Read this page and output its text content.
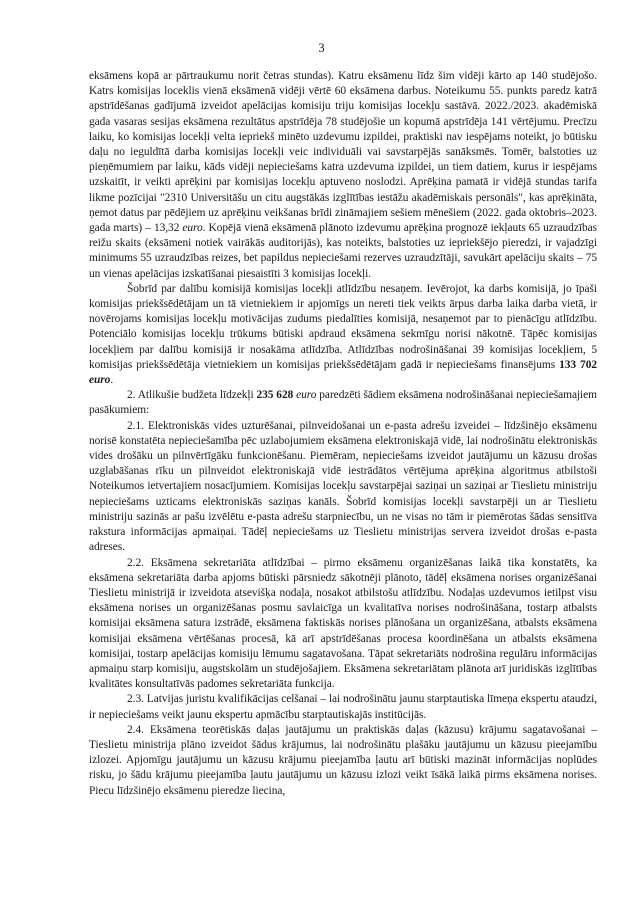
3

eksāmens kopā ar pārtraukumu norit četras stundas). Katru eksāmenu līdz šim vidēji kārto ap 140 studējošo. Katrs komisijas loceklis vienā eksāmenā vidēji vērtē 60 eksāmena darbus. Noteikumu 55. punkts paredz katrā apstrīdēšanas gadījumā izveidot apelācijas komisiju triju komisijas locekļu sastāvā. 2022./2023. akadēmiskā gada vasaras sesijas eksāmena rezultātus apstrīdēja 78 studējošie un kopumā apstrīdēja 141 vērtējumu. Precīzu laiku, ko komisijas locekļi velta iepriekš minēto uzdevumu izpildei, praktiski nav iespējams noteikt, jo būtisku daļu no ieguldītā darba komisijas locekļi veic individuāli vai savstarpējās sanāksmēs. Tomēr, balstoties uz pieņēmumiem par laiku, kāds vidēji nepieciešams katra uzdevuma izpildei, un tiem datiem, kurus ir iespējams uzskaitīt, ir veikti aprēķini par komisijas locekļu aptuveno noslodzi. Aprēķina pamatā ir vidējā stundas tarifa likme pozīcijai "2310 Universitāšu un citu augstākās izglītības iestāžu akadēmiskais personāls", kas aprēķināta, ņemot datus par pēdējiem uz aprēķinu veikšanas brīdi zināmajiem sešiem mēnešiem (2022. gada oktobris–2023. gada marts) – 13,32 euro. Kopējā vienā eksāmenā plānoto izdevumu aprēķina prognozē iekļauts 65 uzraudzības reižu skaits (eksāmeni notiek vairākās auditorijās), kas noteikts, balstoties uz iepriekšējo pieredzi, ir vajadzīgi minimums 55 uzraudzības reizes, bet papildus nepieciešami rezerves uzraudzītāji, savukārt apelāciju skaits – 75 un vienas apelācijas izskatīšanai piesaistīti 3 komisijas locekļi.

Šobrīd par dalību komisijā komisijas locekļi atlīdzību nesaņem. Ievērojot, ka darbs komisijā, jo īpaši komisijas priekšsēdētājam un tā vietniekiem ir apjomīgs un nereti tiek veikts ārpus darba laika darba vietā, ir novērojams komisijas locekļu motivācijas zudums piedalīties komisijā, nesaņemot par to pienācīgu atlīdzību. Potenciālo komisijas locekļu trūkums būtiski apdraud eksāmena sekmīgu norisi nākotnē. Tāpēc komisijas locekļiem par dalību komisijā ir nosakāma atlīdzība. Atlīdzības nodrošināšanai 39 komisijas locekļiem, 5 komisijas priekšsēdētāja vietniekiem un komisijas priekšsēdētājam gadā ir nepieciešams finansējums 133 702 euro.

2. Atlikušie budžeta līdzekļi 235 628 euro paredzēti šādiem eksāmena nodrošināšanai nepieciešamajiem pasākumiem:

2.1. Elektroniskās vides uzturēšanai, pilnveidošanai un e-pasta adrešu izveidei – līdzšinējo eksāmenu norisē konstatēta nepieciešamība pēc uzlabojumiem eksāmena elektroniskajā vidē, lai nodrošinātu elektroniskās vides drošāku un pilnvērtīgāku funkcionēšanu. Piemēram, nepieciešams izveidot jautājumu un kāzusu drošas uzglabāšanas rīku un pilnveidot elektroniskajā vidē iestrādātos vērtējuma aprēķina algoritmus atbilstoši Noteikumos ietvertajiem nosacījumiem. Komisijas locekļu savstarpējai saziņai un saziņai ar Tieslietu ministriju nepieciešams uzticams elektroniskās saziņas kanāls. Šobrīd komisijas locekļi savstarpēji un ar Tieslietu ministriju sazinās ar pašu izvēlētu e-pasta adrešu starpniecību, un ne visas no tām ir piemērotas šādas sensitīva rakstura informācijas apmaiņai. Tādēļ nepieciešams uz Tieslietu ministrijas servera izveidot drošas e-pasta adreses.

2.2. Eksāmena sekretariāta atlīdzībai – pirmo eksāmenu organizēšanas laikā tika konstatēts, ka eksāmena sekretariāta darba apjoms būtiski pārsniedz sākotnēji plānoto, tādēļ eksāmena norises organizēšanai Tieslietu ministrijā ir izveidota atsevišķa nodaļa, nosakot atbilstošu atlīdzību. Nodaļas uzdevumos ietilpst visu eksāmena norises un organizēšanas posmu savlaicīga un kvalitatīva norises nodrošināšana, tostarp atbalsts komisijai eksāmena satura izstrādē, eksāmena faktiskās norises plānošana un organizēšana, atbalsts eksāmena komisijai eksāmena vērtēšanas procesā, kā arī apstrīdēšanas procesa koordinēšana un atbalsts eksāmena komisijai, tostarp apelācijas komisiju lēmumu sagatavošana. Tāpat sekretariāts nodrošina regulāru informācijas apmaiņu starp komisiju, augstskolām un studējošajiem. Eksāmena sekretariātam plānota arī juridiskās izglītības kvalitātes konsultatīvās padomes sekretariāta funkcija.

2.3. Latvijas juristu kvalifikācijas celšanai – lai nodrošinātu jaunu starptautiska līmeņa ekspertu ataudzi, ir nepieciešams veikt jaunu ekspertu apmācību starptautiskajās institūcijās.

2.4. Eksāmena teorētiskās daļas jautājumu un praktiskās daļas (kāzusu) krājumu sagatavošanai – Tieslietu ministrija plāno izveidot šādus krājumus, lai nodrošinātu plašāku jautājumu un kāzusu pieejamību izlozei. Apjomīgu jautājumu un kāzusu krājumu pieejamība ļautu arī būtiski mazināt informācijas noplūdes risku, jo šādu krājumu pieejamība ļautu jautājumu un kāzusu izlozi veikt īsākā laikā pirms eksāmena norises. Piecu līdzšinējo eksāmenu pieredze liecina,
